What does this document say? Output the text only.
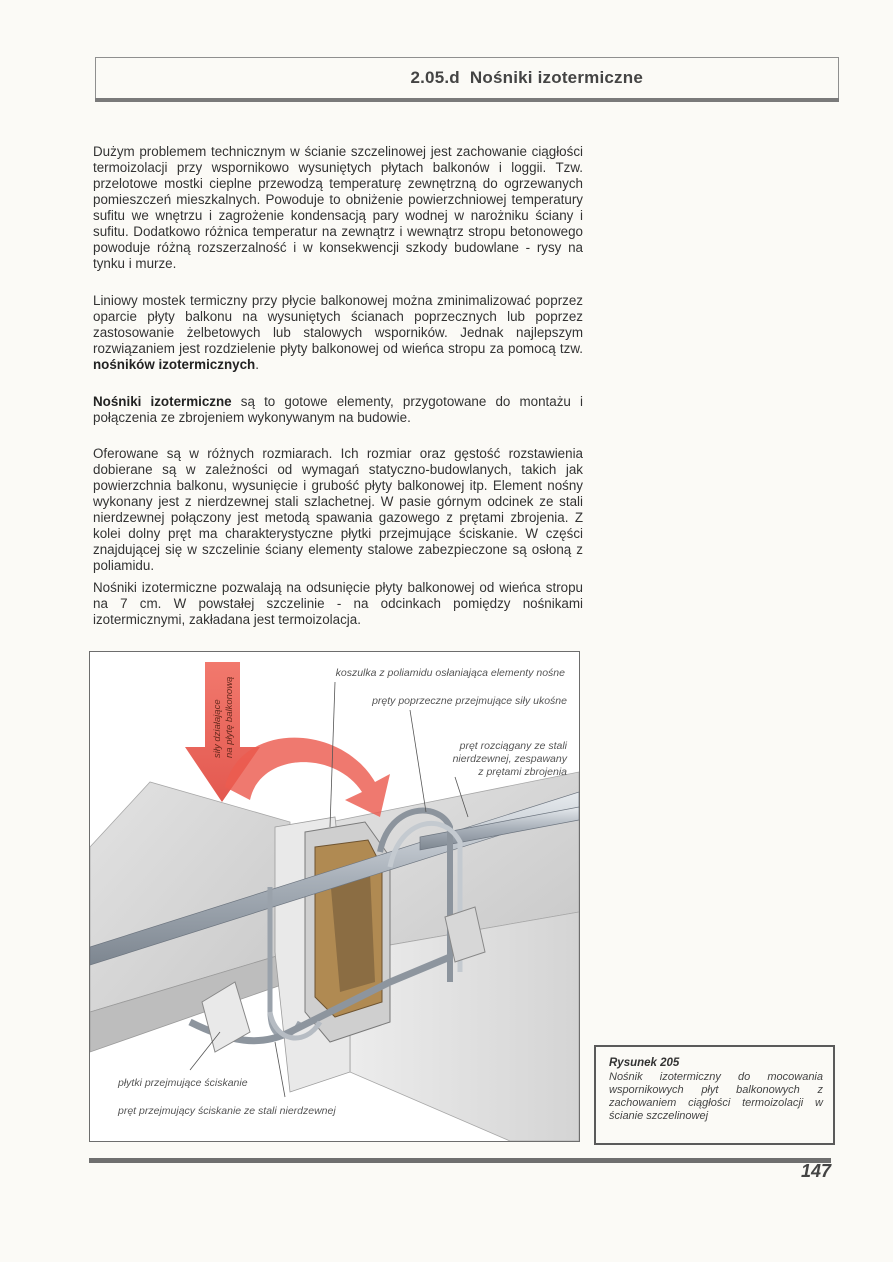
2.05.d Nośniki izotermiczne

Dużym problemem technicznym w ścianie szczelinowej jest zachowanie ciągłości termoizolacji przy wspornikowo wysuniętych płytach balkonów i loggii. Tzw. przelotowe mostki cieplne przewodzą temperaturę zewnętrzną do ogrzewanych pomieszczeń mieszkalnych. Powoduje to obniżenie powierzchniowej temperatury sufitu we wnętrzu i zagrożenie kondensacją pary wodnej w narożniku ściany i sufitu. Dodatkowo różnica temperatur na zewnątrz i wewnątrz stropu betonowego powoduje różną rozszerzalność i w konsekwencji szkody budowlane - rysy na tynku i murze.

Liniowy mostek termiczny przy płycie balkonowej można zminimalizować poprzez oparcie płyty balkonu na wysuniętych ścianach poprzecznych lub poprzez zastosowanie żelbetowych lub stalowych wsporników. Jednak najlepszym rozwiązaniem jest rozdzielenie płyty balkonowej od wieńca stropu za pomocą tzw. nośników izotermicznych.

Nośniki izotermiczne są to gotowe elementy, przygotowane do montażu i połączenia ze zbrojeniem wykonywanym na budowie.

Oferowane są w różnych rozmiarach. Ich rozmiar oraz gęstość rozstawienia dobierane są w zależności od wymagań statyczno-budowlanych, takich jak powierzchnia balkonu, wysunięcie i grubość płyty balkonowej itp. Element nośny wykonany jest z nierdzewnej stali szlachetnej. W pasie górnym odcinek ze stali nierdzewnej połączony jest metodą spawania gazowego z prętami zbrojenia. Z kolei dolny pręt ma charakterystyczne płytki przejmujące ściskanie. W części znajdującej się w szczelinie ściany elementy stalowe zabezpieczone są osłoną z poliamidu.

Nośniki izotermiczne pozwalają na odsunięcie płyty balkonowej od wieńca stropu na 7 cm. W powstałej szczelinie - na odcinkach pomiędzy nośnikami izotermicznymi, zakładana jest termoizolacja.

siły działające na płytę balkonową
koszulka z poliamidu osłaniająca elementy nośne
pręty poprzeczne przejmujące siły ukośne
pręt rozciągany ze stali
nierdzewnej, zespawany
z prętami zbrojenia
płytki przejmujące ściskanie
pręt przejmujący ściskanie ze stali nierdzewnej
Rysunek 205

Nośnik izotermiczny do mocowania wspornikowych płyt balkonowych z zachowaniem ciągłości termoizolacji w ścianie szczelinowej

147
